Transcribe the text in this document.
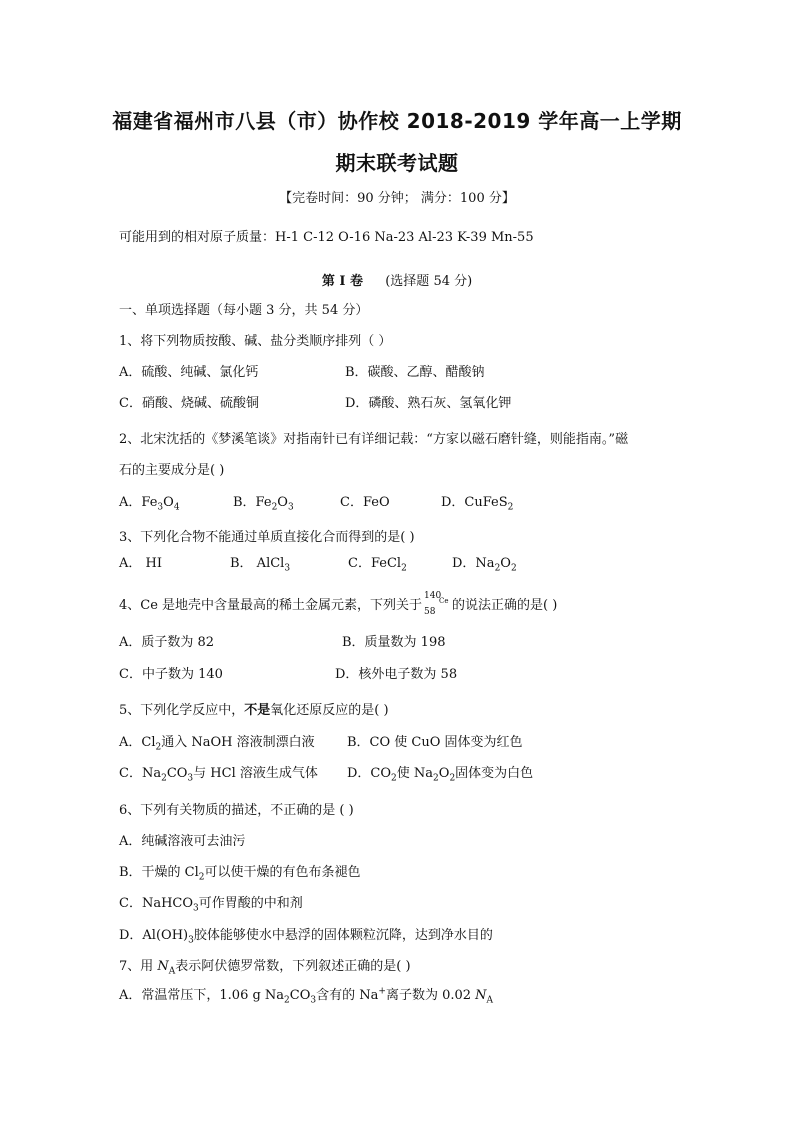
福建省福州市八县（市）协作校 2018-2019 学年高一上学期
期末联考试题
【完卷时间：90 分钟； 满分：100 分】
可能用到的相对原子质量：H-1 C-12 O-16 Na-23 Al-23 K-39 Mn-55
第 Ⅰ 卷 (选择题 54 分)
一、单项选择题（每小题 3 分，共 54 分）
1、将下列物质按酸、碱、盐分类顺序排列（ ）
A．硫酸、纯碱、氯化钙	B．碳酸、乙醇、醋酸钠
C．硝酸、烧碱、硫酸铜	D．磷酸、熟石灰、氢氧化钾
2、北宋沈括的《梦溪笔谈》对指南针已有详细记载：“方家以磁石磨针缝，则能指南。”磁
石的主要成分是( )
A．$Fe_3O_4$	B．$Fe_2O_3$	C．FeO	D．CuFeS$_2$
3、下列化合物不能通过单质直接化合而得到的是( )
A． HI	B． AlCl$_3$	C．FeCl$_2$	D．$Na_2O_2$
4、Ce 是地壳中含量最高的稀土金属元素，下列关于
140
58
Ce 的说法正确的是( )
A．质子数为 82	B．质量数为 198
C．中子数为 140	D．核外电子数为 58
5、下列化学反应中，不是氧化还原反应的是( )
A．$Cl_2$通入 NaOH 溶液制漂白液 B．CO 使 CuO 固体变为红色
C．$Na_2CO_3$与 HCl 溶液生成气体 D．$CO_2$使 $Na_2O_2$固体变为白色
6、下列有关物质的描述，不正确的是 ( )
A．纯碱溶液可去油污
B．干燥的 $Cl_2$可以使干燥的有色布条褪色
C．NaHCO$_3$可作胃酸的中和剂
D．$Al(OH)_3$胶体能够使水中悬浮的固体颗粒沉降，达到净水目的
7、用 $N_A$表示阿伏德罗常数，下列叙述正确的是( )
A．常温常压下，1.06 g $Na_2CO_3$含有的 Na+离子数为 0.02 $N_A$
